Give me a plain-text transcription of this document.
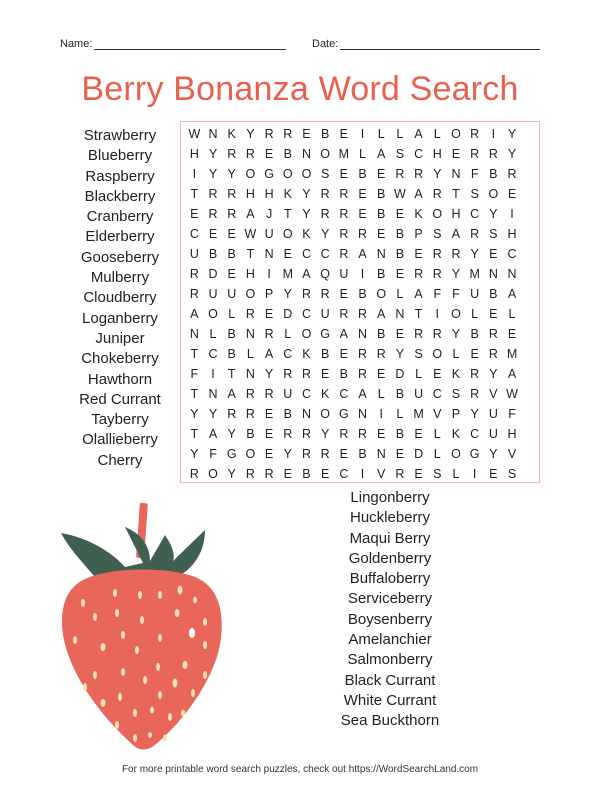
Name:	Date:
Berry Bonanza Word Search
W N K Y R R E B E	I	L L A L O R I	Y
H Y R R E B N O M L A S C H E R R Y
I	Y Y O G O O S E B E R R Y N F B R
T R R H H K Y R R E B W A R T S O E
E R R A J T Y R R E B E K O H C Y	I
C E E W U O K Y R R E B P S A R S H
U B B T N E C C R A N B E R R Y E C
R D E H I M A Q U I	B E R R Y M N N
R U U O P Y R R E B O L A F F U B A
A O L R E D C U R R A N T	I O L E L
N L B N R L O G A N B E R R Y B R E
T C B L A C K B E R R Y S O L E R M
F	I	T N Y R R E B R E D L E K R Y A
T N A R R U C K C A L B U C S R V W
Y Y R R E B N O G N I	L M V P Y U F
T A Y B E R R Y R R E B E L K C U H
Y F G O E Y R R E B N E D L O G Y V
R O Y R R E B E C I	V R E S L	I	E S
Strawberry
Blueberry
Raspberry
Blackberry
Cranberry
Elderberry
Gooseberry
Mulberry
Cloudberry
Loganberry
Juniper
Chokeberry
Hawthorn
Red Currant
Tayberry
Olallieberry
Cherry
Lingonberry
Huckleberry
Maqui Berry
Goldenberry
Buffaloberry
Serviceberry
Boysenberry
Amelanchier
Salmonberry
Black Currant
White Currant
Sea Buckthorn
For more printable word search puzzles, check out https://WordSearchLand.com
